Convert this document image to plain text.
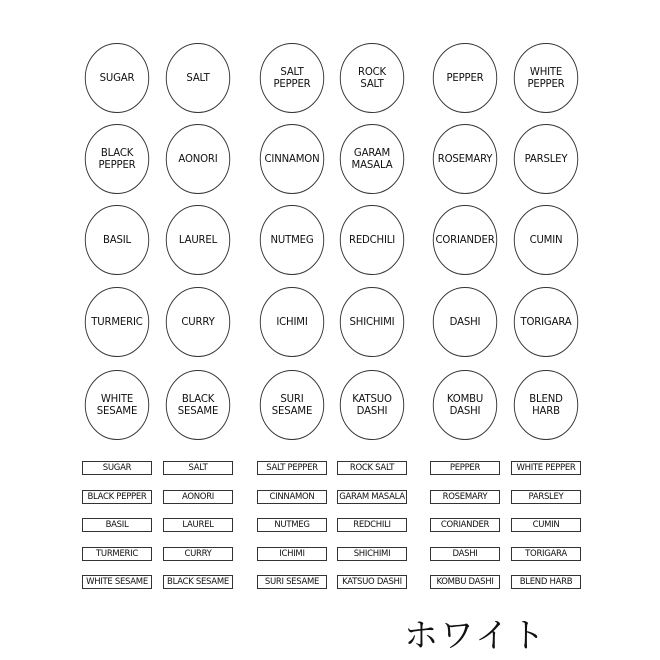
SUGAR	SALT	SALT
PEPPER
ROCK
SALT	PEPPER	WHITE
PEPPER
BLACK
PEPPER	AONORI	CINNAMON	GARAM
MASALA	ROSEMARY	PARSLEY
BASIL	LAUREL	NUTMEG	REDCHILI	CORIANDER	CUMIN
TURMERIC	CURRY	ICHIMI	SHICHIMI	DASHI	TORIGARA
WHITE
SESAME
BLACK
SESAME
SURI
SESAME
KATSUO
DASHI
KOMBU
DASHI
BLEND
HARB
SUGAR	SALT	SALT PEPPER	ROCK SALT	PEPPER	WHITE PEPPER
BLACK PEPPER	AONORI	CINNAMON	GARAM MASALA	ROSEMARY	PARSLEY
BASIL	LAUREL	NUTMEG	REDCHILI	CORIANDER	CUMIN
TURMERIC	CURRY	ICHIMI	SHICHIMI	DASHI	TORIGARA
WHITE SESAME	BLACK SESAME	SURI SESAME	KATSUO DASHI	KOMBU DASHI	BLEND HARB
ホワイト
